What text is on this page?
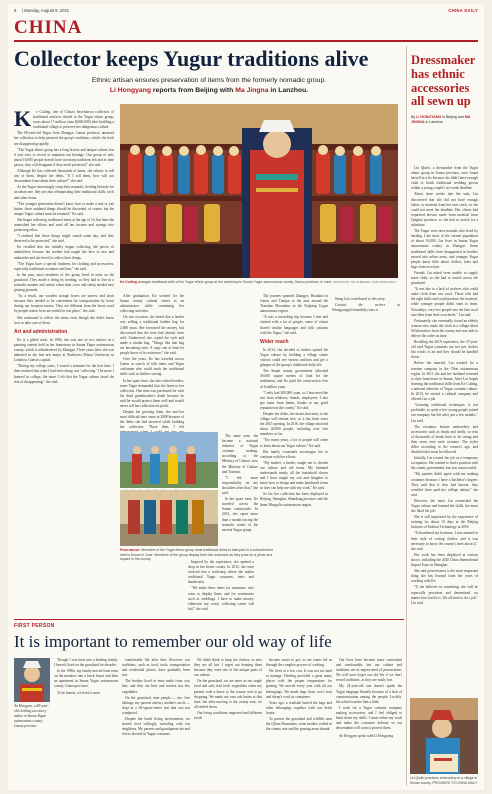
8 | Monday, August 9, 2021	CHINA DAILY
CHINA
Collector keeps Yugur traditions alive
Ethnic artisan ensures preservation of items from the formerly nomadic group.
Li Hongyang reports from Beijing with Ma Jingna in Lanzhou.
K	e Cuiling, one of China's best-known collectors of traditional artifacts related to the Yugur ethnic group, owns about 17 million yuan ($260,000) after building a traditional village to preserve her indigenous culture.

The 60-year-old Yugur from Zhangye, Gansu province, amassed her collection to help preserve the group's traditions, which she feels are disappearing rapidly.

"The Yugur ethnic group has a long history and unique culture, but it isn't easy to record or maintain our heritage. Our group of only about 16,000 people doesn't have too many traditions left and as time passes, they will disappear if they aren't protected," she said.

Although Ke has collected thousands of items, she refuses to sell any of them, despite her debts. "If I sell them, how will our descendants learn about their culture?" she said.

As the Yugur increasingly swap their nomadic, herding lifestyle for an urban one, they are also relinquishing their traditional skills, tools and other items.

"The younger generation doesn't know how to make a tent or yak butter; these outdated things should be discarded, of course, but the unique Yugur culture must be retained," Ke said.

She began collecting traditional items at the age of 14, but later she intensified her efforts and used all her income and savings into protecting relics.

"I realized that these things might vanish some day, and they deserved to be protected," she said.

Ke recalled that she initially began collecting old pieces of embroidery because her mother had taught her how to sew and embroider and she loved to collect their things.

"The Yugur have a special fondness for clothing and accessories, especially traditional costumes and hats," she said.

In the past, most members of the group lived in tents on the grassland. They made a living by herding, so they had to live in a nomadic manner and winter when their cows and sheep needed new grazing grounds.

"As a result, our wooden storage boxes are narrow and short because they needed to be convenient for transportation by horse during our frequent moves. They are different from the boxes used by people whose lives are settled in one place," she said.

She continued to collect the items even though she didn't know how to take care of them.

Art and administration

Ke is a gifted artist. In 1984, she was one of two natives in a painting contest held in her hometown in Sunan Yugur autonomous county, which is administered by Zhangye. Three years later, she was admitted to the fine arts major at Northwest Minzu University in Lanzhou, Gansu's capital.

"During my college years, I visited a museum for the first time. I then realized that what I had been doing was 'collecting.' The more I learned in college, the more I felt that the Yugur culture faced the risk of disappearing," she said.

Ke Cuiling arranges traditional dolls of the Yugur ethnic group at her workshop in Sunan Yugur autonomous county, Gansu province, in June. PHOTOS BY YAO XUEFENG / FOR CHINA DAILY

After graduation, Ke worked for the Sunan county cultural center as an administrator while continuing her collecting activities.

On one occasion, she heard that a herder was selling a traditional leather bag for 2,000 yuan. She borrowed the money, but discovered that the item had already been sold. Undeterred, she copied the style and made a similar bag. "Things like that bag are becoming rarer. A copy can at least let people know of its existence," she said.

Over the years, Ke has traveled across Gansu in search of folk items and Yugur craftsmen who could teach her traditional skills such as leather carving.

In her spare time, she also visited herders, some Yugur demanded that she listen to her collection. One item was purchased for with his dead grandmother's death because he said he would protect them well and would never sell her collection for profit.

Despite her growing fame, she and her most difficult time came in 2008 because of the debts she had incurred while building her collection. "Back then, I felt

Inspired by the experience, she opened a shop in her home county. In 2012, she once evolved into a workshop where she makes traditional Yugur costumes, tents and handicrafts.

"We make these items for museums, who want to display them, and for ceremonies such as weddings. I have to make money, otherwise my costly collecting career will fail," she said.

From above: Members of the Yugur ethnic group wear traditional dress to take part in a cultural event held in Sunan in June. Members of the group display their folk costumes as they pose for a photo at a square in the county.

The journey spanned Zhangye, Huahaizi in Gansu and Tianjun to the area around the Tianshan Mountains in the Xinjiang Uygur autonomous region.

"It was a rewarding trip because I met and chatted with a lot of people, some of whom shared similar languages and folk customs with the Yugur," she said.

Wider reach

In 2014, she decided to further spread the Yugur culture by building a village where visitors could see various artifacts and get a glimpse of the group's traditional daily life.

The Sunan county government allocated 30,000 square meters of land for the settlement, and Ke paid the construction fees of 6 million yuan.

"I only had 300,000 yuan, so I borrowed the rest from relatives, friends, employees. I also got loans from banks, thanks to my good reputation in the county," Ke said.

Despite her debts, she insists that entry to the village will remain free, as it has been since the 2015 opening. In 2016, the village attracted about 40,000 people, including over five members so far.

"Too many years, a lot of people will come to learn about our Yugur culture," Ke said.

Her family constantly encourages her to continue with her efforts.

"My mother, a herder, taught me to cherish our culture and old items. My husband understands nearly all the household chores and I have taught my son and daughter to know how to design and make handicraft items so they can help me with my work," Ke said.

So far, her collection has been displayed in Beijing, Shanghai, Shandong province and the Inner Mongolia autonomous region.

The same year, she became a national inheritor of Yugur costume making, according to the Ministry of Culture, now the Ministry of Culture and Tourism.

"I felt more responsibility on my shoulders after that," she said.

In her spare time, Ke traveled across the Sunan countryside. In 2013, she spent more than a month tracing the nomadic routes of the ancient Yugur group.

Wang Lixi contributed to this story.

Contact the writers at lihongyang@chinadaily.com.cn

Dressmaker has ethnic accessories all sewn up
By LI HONGYANG in Beijing and MA JINGNA in Lanzhou

Lin Qiufei, a dressmaker from the Yugur ethnic group in Gansu province, once found herself in a fix because she didn't have enough cloth to finish traditional wedding gowns within a young couple's six-week deadline.

About three weeks into the task, Lin discovered that she did not have enough fabric, or material from her own stock, so she could not meet the deadline. Her clients had requested dresses made from material from Qinghai province, so she had to search for a substitute.

The Yugur were once nomads who lived by herding. Like most of the current population of about 16,000, Lin lives in Sunan Yugur autonomous county in Zhangye. Some traditional skills have disappeared as herders moved into urban areas, and younger Yugur people knew little about clothes, tents and bags from own hair.

Friends Lin asked were unable to supply more cloth, so she had to search across the grassland.

"It was due to a lack of workers who could make cloth from raw wool. Those who had the right skills and could produce the material, while younger people didn't want to learn. Nowadays, very few people sew the fine wool into fiber from their own herds," Lin said.

Fortunately, she eventually found an elderly woman who made the cloth in a village about 50 kilometers from the county and was able to deliver the order on time.

Recalling the 2019 experience, the 37-year-old said Yugur costumes are not just clothes but works of art and they should be handled down.

Before she married, Lin worked for a tourism company in the Tibet autonomous region. In 2011 she and her husband returned to their hometown in Sunan. After Lin began learning the traditional skills from Ke Cuiling, a national inheritor of Yugur costume culture. In 2013, he started a cultural company and offered Lin a job.

"Learning traditional techniques is not profitable, so quite a few young people joined our company but left after just a few months," Lin said.

The costumes feature embroidery and accessories such as beads and shells, so tens of thousands of beads have to be strung and then sewn onto each costume. The styles differ according to the wearer's age, and detailed rules must be followed.

Initially, Lin treated the job as a temporary occupation. She wanted to find a position with the county government, but was unsuccessful.

"My parents didn't agree with me making costumes because I have a bachelor's degree. They said that if they had known, they wouldn't have paid my college tuition," she said.

However, the more Lin researched the Yugur culture and learned the skills, the more she liked the job.

She is still impressed by the experience of training for about 10 days at the Beijing Institute of Fashion Technology in 2018.

"It broadened my horizons. I was amazed at their style of cutting clothes, and it was necessary to know the county's tears about it," she said.

Her work has been displayed at various shows, including the 2020 China International Import Expo in Shanghai.

She said perseverance is the most important thing she has learned from her years of working with Ke.

"If she believes in something, she will be especially persistent and determined, no matter how hard it is. We all need to do a job," Lin said.

Lin Qiufei practices embroidery in a village in Sunan county. PROVIDED TO CHINA DAILY
FIRST PERSON
It is important to remember our old way of life
An Hongyan, a 49-year-old clothing accessory maker in Sunan Yugur autonomous county, Gansu province

Though I was born into a herding family, I haven't lived on the grassland for decades.

In the 1990s, my family moved from tents on the meadow into a brick house and then an apartment in Sunan Yugur autonomous county, Gansu province.

To be honest, we lived a more

comfortable life after that. However, our traditions, such as food, tools, transportation and residential places, have gradually been lost.

The herders lived in tents made from cow hair, and they ate beef and mutton but few vegetables.

On the grassland, nine people — me, five siblings, my parents and my mother's uncle — slept in a 30-square-meter tent that was not windproof.

Despite the harsh living environment, we shared food willingly, including with our neighbors. My parents and grandparent ate and fed us dressed in Yugur costumes.

We didn't think to keep the clothes, so now they are all lost. I regret not keeping them because they were one of the unique parts of our culture.

On the grassland, we ate more as our staple food and only had fresh vegetables when my parents rode a horse to the county seat to go shopping. We made our own yak butter at that time, but after moving to the county seat, we all settled down.

Our living conditions improved and different foods

became easier to get, so our wants led us through the complex process of cooking.

We lived at a low cost. It was not too hard to manage. Herding provided a great many places with the proper temperature for grazing. We moved every year with all our belongings. We made bags from cow's hair and sheep's wool as containers.

Years ago, a roadside buried the bags and other belongings together with our brick house.

To protect the grassland and wildlife near the Qilian Mountains, some herders settled in the county seat and the grazing areas shrank.

Our lives have become more convenient and comfortable, but our culture and traditions are in urgent need of preservation. We will soon forget our old life if we don't record traditions, as they are easily lost.

My 24-year-old son doesn't speak the Yugur language fluently because of a lack of communication among the people. Luckily, his school teaches him a little.

I work for a Yugur costume company making accessories, and I feel obliged to hand down my skills. I must refine my work and make the costumes delicate so our descendants will want to protect them.

An Hongyan spoke with Li Hongyang.
